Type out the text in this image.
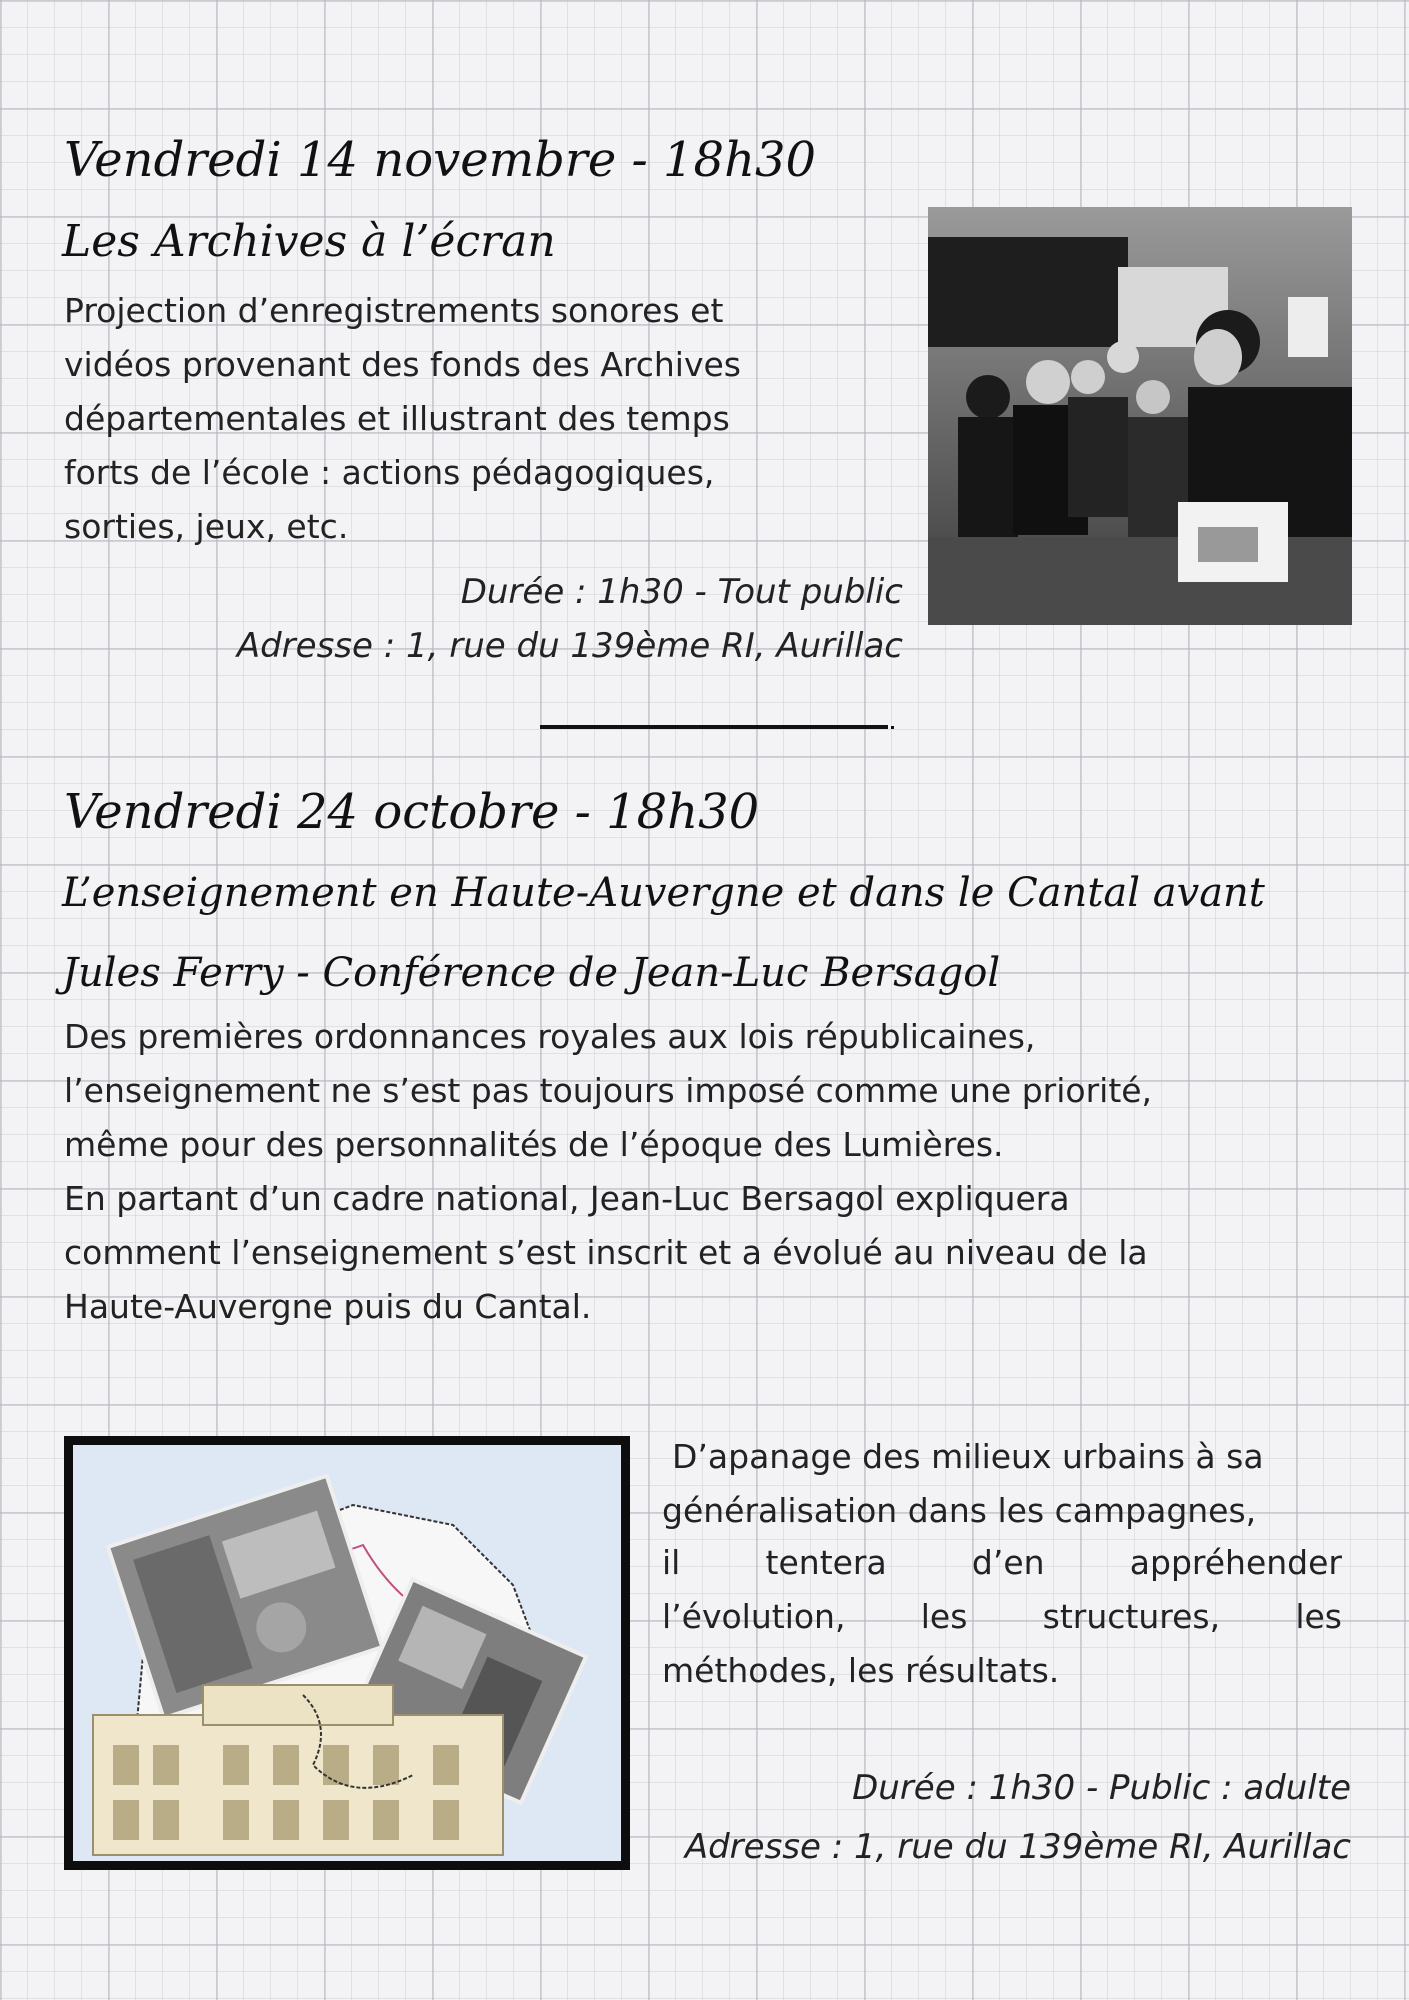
Vendredi 14 novembre - 18h30
Les Archives à l’écran
Projection d’enregistrements sonores et
vidéos provenant des fonds des Archives
départementales et illustrant des temps
forts de l’école : actions pédagogiques,
sorties, jeux, etc.
Durée : 1h30 - Tout public
Adresse : 1, rue du 139ème RI, Aurillac
Vendredi 24 octobre - 18h30
L’enseignement en Haute-Auvergne et dans le Cantal avant
Jules Ferry - Conférence de Jean-Luc Bersagol
Des premières ordonnances royales aux lois républicaines,
l’enseignement ne s’est pas toujours imposé comme une priorité,
même pour des personnalités de l’époque des Lumières.
En partant d’un cadre national, Jean-Luc Bersagol expliquera
comment l’enseignement s’est inscrit et a évolué au niveau de la
Haute-Auvergne puis du Cantal.
D’apanage des milieux urbains à sa
généralisation dans les campagnes,
il tentera d’en appréhender
l’évolution, les structures, les
méthodes, les résultats.
Durée : 1h30 - Public : adulte
Adresse : 1, rue du 139ème RI, Aurillac
